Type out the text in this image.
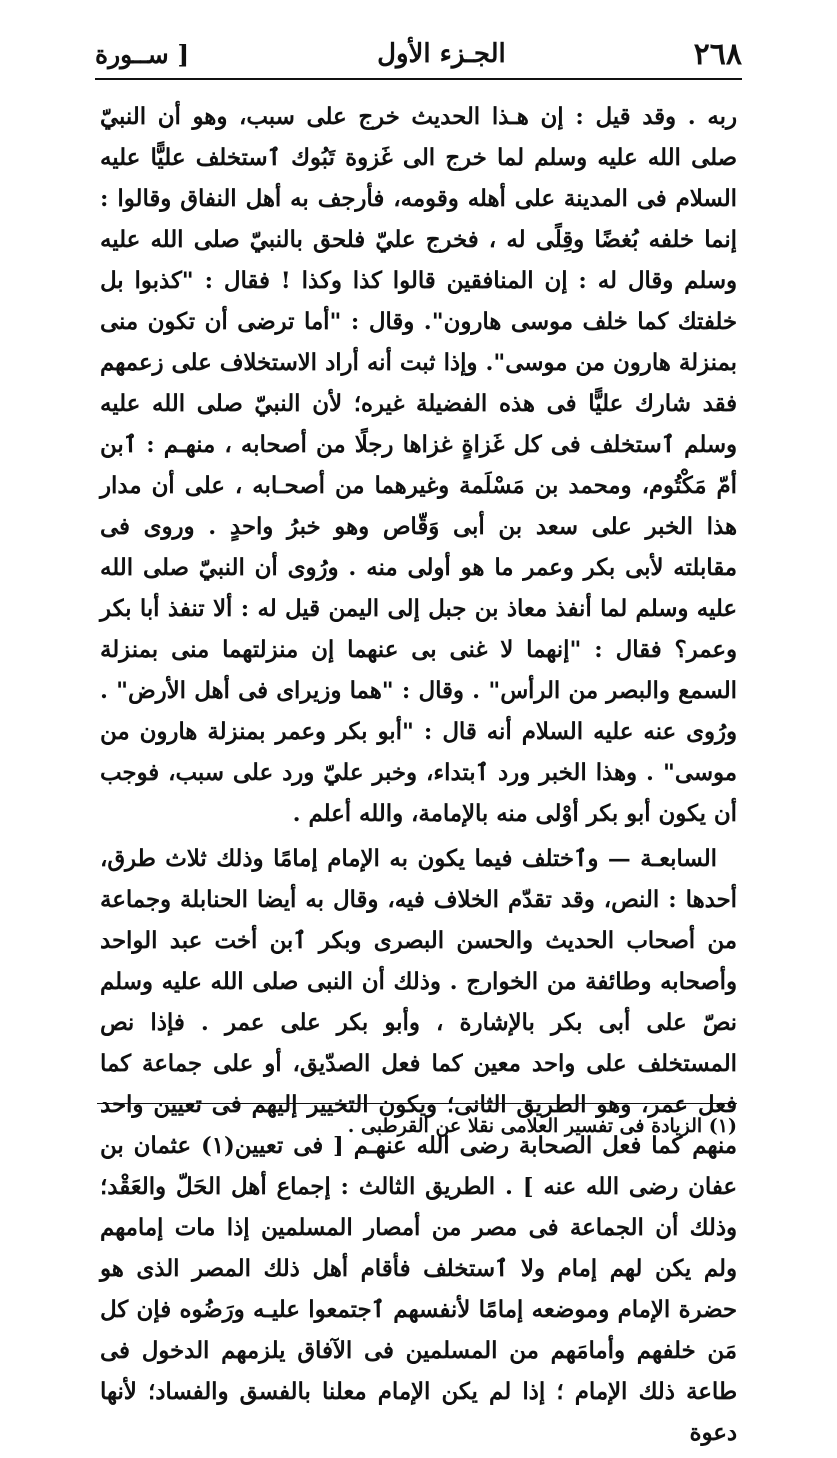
٢٦٨
الجـزء الأول
[ ســورة

ربه . وقد قيل : إن هـذا الحديث خرج على سبب، وهو أن النبيّ صلى الله عليه وسلم لما خرج الى غَزوة تَبُوك ٱستخلف عليًّا عليه السلام فى المدينة على أهله وقومه، فأرجف به أهل النفاق وقالوا : إنما خلفه بُغضًا وقِلًى له ، فخرج عليّ فلحق بالنبيّ صلى الله عليه وسلم وقال له : إن المنافقين قالوا كذا وكذا ! فقال : "كذبوا بل خلفتك كما خلف موسى هارون". وقال : "أما ترضى أن تكون منى بمنزلة هارون من موسى". وإذا ثبت أنه أراد الاستخلاف على زعمهم فقد شارك عليًّا فى هذه الفضيلة غيره؛ لأن النبيّ صلى الله عليه وسلم ٱستخلف فى كل غَزاةٍ غزاها رجلًا من أصحابه ، منهـم : ٱبن أمّ مَكْتُوم، ومحمد بن مَسْلَمة وغيرهما من أصحـابه ، على أن مدار هذا الخبر على سعد بن أبى وَقّاص وهو خبرُ واحدٍ . وروى فى مقابلته لأبى بكر وعمر ما هو أولى منه . ورُوى أن النبيّ صلى الله عليه وسلم لما أنفذ معاذ بن جبل إلى اليمن قيل له : ألا تنفذ أبا بكر وعمر؟ فقال : "إنهما لا غنى بى عنهما إن منزلتهما منى بمنزلة السمع والبصر من الرأس" . وقال : "هما وزيراى فى أهل الأرض" . ورُوى عنه عليه السلام أنه قال : "أبو بكر وعمر بمنزلة هارون من موسى" . وهذا الخبر ورد ٱبتداء، وخبر عليّ ورد على سبب، فوجب أن يكون أبو بكر أوْلى منه بالإمامة، والله أعلم .

السابعـة — وٱختلف فيما يكون به الإمام إمامًا وذلك ثلاث طرق، أحدها : النص، وقد تقدّم الخلاف فيه، وقال به أيضا الحنابلة وجماعة من أصحاب الحديث والحسن البصرى وبكر ٱبن أخت عبد الواحد وأصحابه وطائفة من الخوارج . وذلك أن النبى صلى الله عليه وسلم نصّ على أبى بكر بالإشارة ، وأبو بكر على عمر . فإذا نص المستخلف على واحد معين كما فعل الصدّيق، أو على جماعة كما فعل عمر، وهو الطريق الثانى؛ ويكون التخيير إليهم فى تعيين واحد منهم كما فعل الصحابة رضى الله عنهـم [ فى تعيين(١) عثمان بن عفان رضى الله عنه ] . الطريق الثالث : إجماع أهل الحَلّ والعَقْد؛ وذلك أن الجماعة فى مصر من أمصار المسلمين إذا مات إمامهم ولم يكن لهم إمام ولا ٱستخلف فأقام أهل ذلك المصر الذى هو حضرة الإمام وموضعه إمامًا لأنفسهم ٱجتمعوا عليـه ورَضُوه فإن كل مَن خلفهم وأمامَهم من المسلمين فى الآفاق يلزمهم الدخول فى طاعة ذلك الإمام ؛ إذا لم يكن الإمام معلنا بالفسق والفساد؛ لأنها دعوة

(١) الزيادة فى تفسير العلامى نقلا عن القرطبى .
